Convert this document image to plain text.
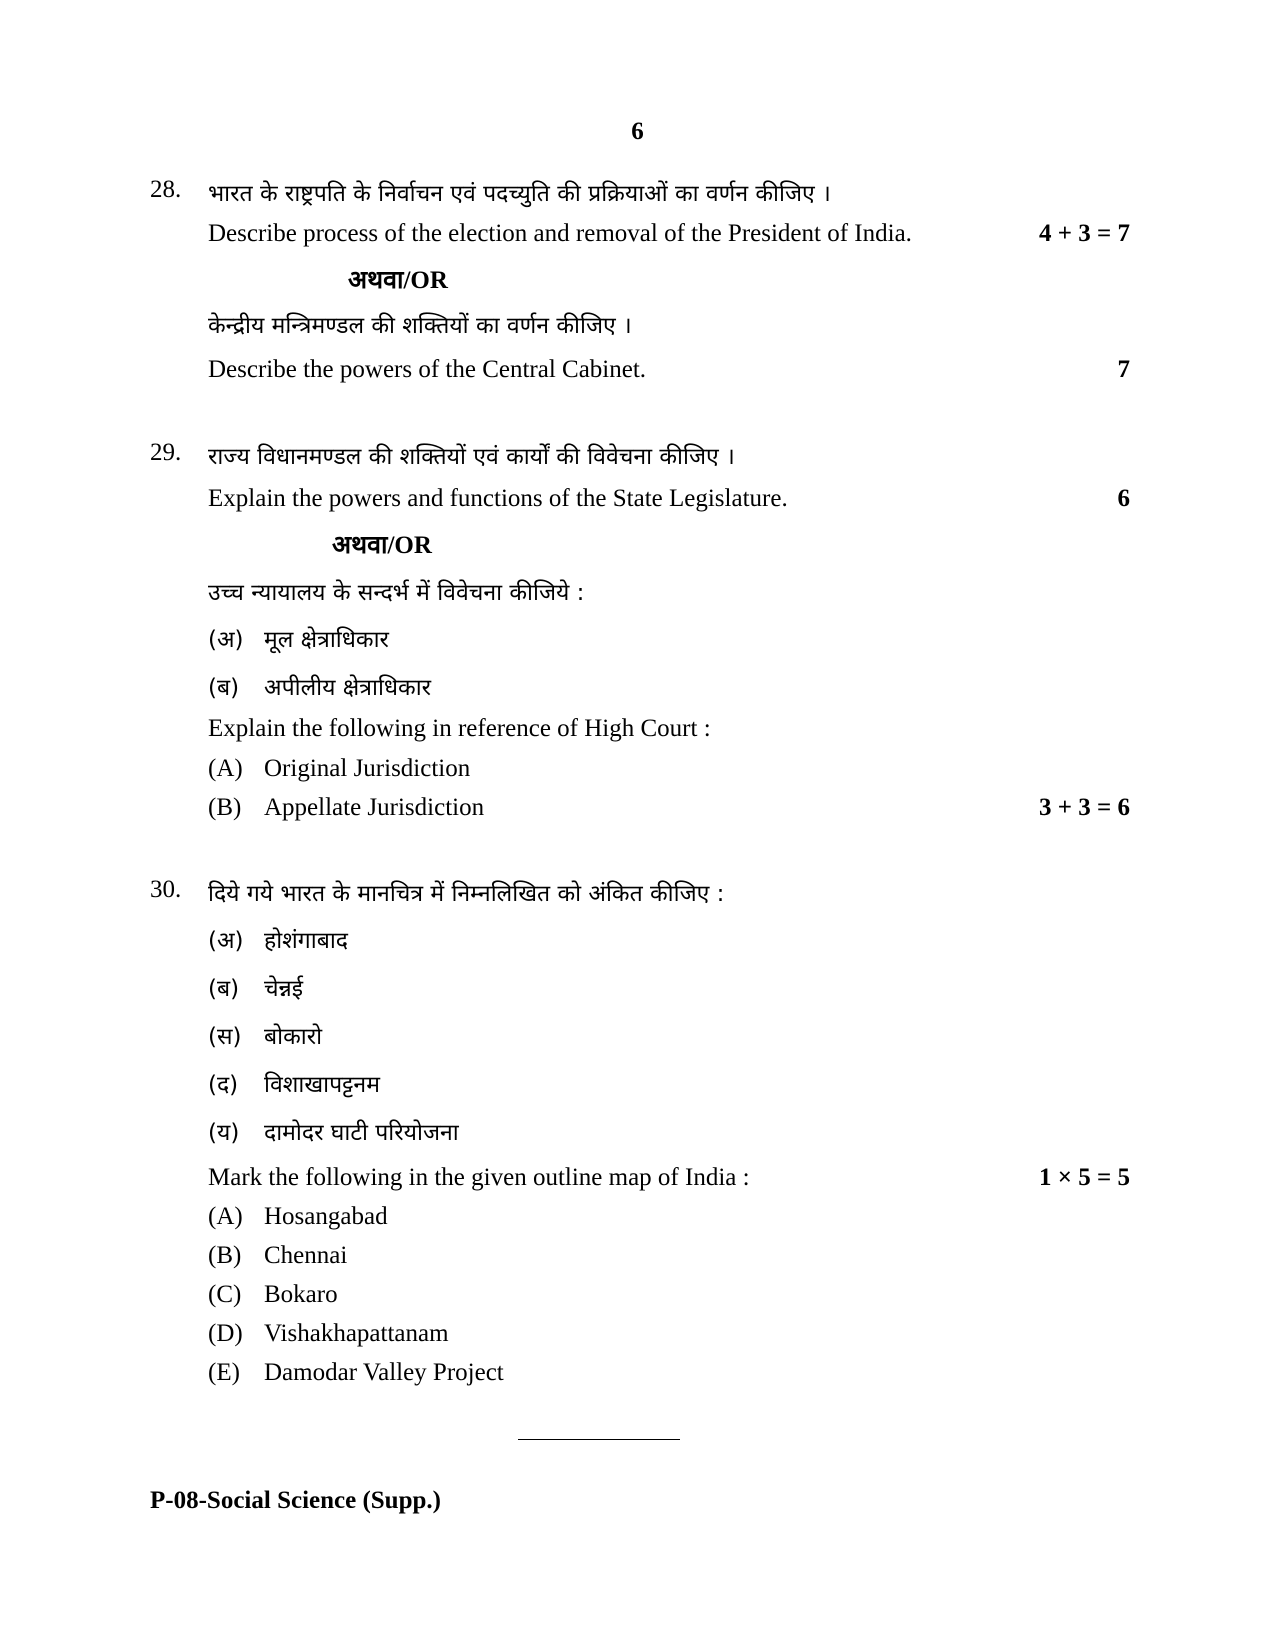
6
28. भारत के राष्ट्रपति के निर्वाचन एवं पदच्युति की प्रक्रियाओं का वर्णन कीजिए ।
Describe process of the election and removal of the President of India.	4 + 3 = 7
अथवा/OR
केन्द्रीय मन्त्रिमण्डल की शक्तियों का वर्णन कीजिए ।
Describe the powers of the Central Cabinet.	7
29. राज्य विधानमण्डल की शक्तियों एवं कार्यों की विवेचना कीजिए ।
Explain the powers and functions of the State Legislature.	6
अथवा/OR
उच्च न्यायालय के सन्दर्भ में विवेचना कीजिये :
(अ) मूल क्षेत्राधिकार
(ब) अपीलीय क्षेत्राधिकार
Explain the following in reference of High Court :
(A) Original Jurisdiction
(B) Appellate Jurisdiction	3 + 3 = 6
30. दिये गये भारत के मानचित्र में निम्नलिखित को अंकित कीजिए :
(अ) होशंगाबाद
(ब) चेन्नई
(स) बोकारो
(द) विशाखापट्टनम
(य) दामोदर घाटी परियोजना
Mark the following in the given outline map of India :	1 × 5 = 5
(A) Hosangabad
(B) Chennai
(C) Bokaro
(D) Vishakhapattanam
(E) Damodar Valley Project
P-08-Social Science (Supp.)
